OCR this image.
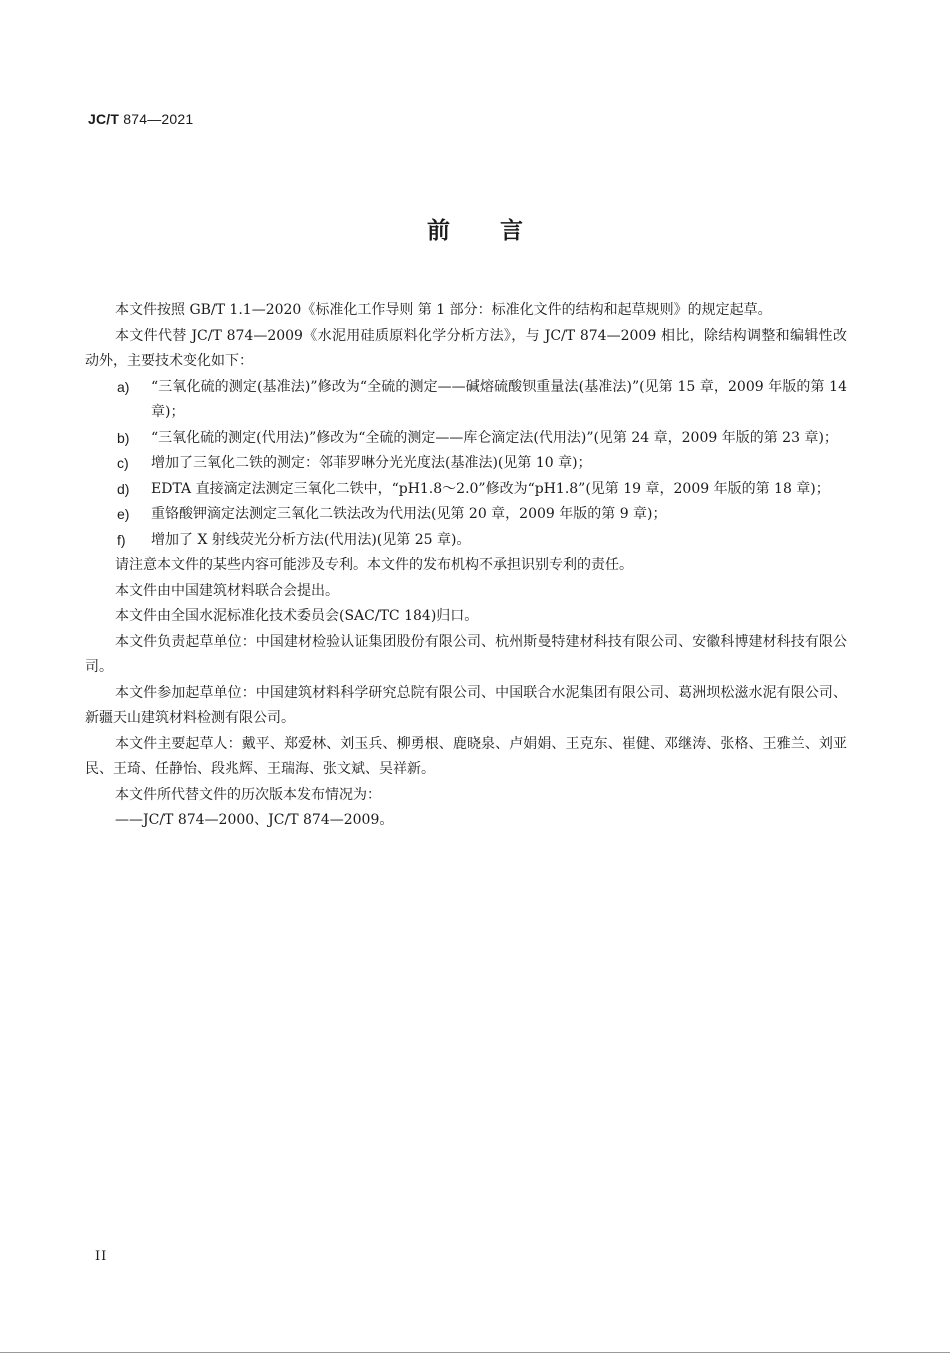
JC/T 874—2021
前言

本文件按照 GB/T 1.1—2020《标准化工作导则 第 1 部分：标准化文件的结构和起草规则》的规定起草。

本文件代替 JC/T 874—2009《水泥用硅质原料化学分析方法》，与 JC/T 874—2009 相比，除结构调整和编辑性改动外，主要技术变化如下：

a) “三氧化硫的测定(基准法)”修改为“全硫的测定——碱熔硫酸钡重量法(基准法)”(见第 15 章，2009 年版的第 14 章)；
b) “三氧化硫的测定(代用法)”修改为“全硫的测定——库仑滴定法(代用法)”(见第 24 章，2009 年版的第 23 章)；
c) 增加了三氧化二铁的测定：邻菲罗啉分光光度法(基准法)(见第 10 章)；
d) EDTA 直接滴定法测定三氧化二铁中，“pH1.8～2.0”修改为“pH1.8”(见第 19 章，2009 年版的第 18 章)；
e) 重铬酸钾滴定法测定三氧化二铁法改为代用法(见第 20 章，2009 年版的第 9 章)；
f) 增加了 X 射线荧光分析方法(代用法)(见第 25 章)。

请注意本文件的某些内容可能涉及专利。本文件的发布机构不承担识别专利的责任。

本文件由中国建筑材料联合会提出。

本文件由全国水泥标准化技术委员会(SAC/TC 184)归口。

本文件负责起草单位：中国建材检验认证集团股份有限公司、杭州斯曼特建材科技有限公司、安徽科博建材科技有限公司。

本文件参加起草单位：中国建筑材料科学研究总院有限公司、中国联合水泥集团有限公司、葛洲坝松滋水泥有限公司、新疆天山建筑材料检测有限公司。

本文件主要起草人：戴平、郑爱林、刘玉兵、柳勇根、鹿晓泉、卢娟娟、王克东、崔健、邓继涛、张格、王雅兰、刘亚民、王琦、任静怡、段兆辉、王瑞海、张文斌、吴祥新。

本文件所代替文件的历次版本发布情况为：

——JC/T 874—2000、JC/T 874—2009。

II
